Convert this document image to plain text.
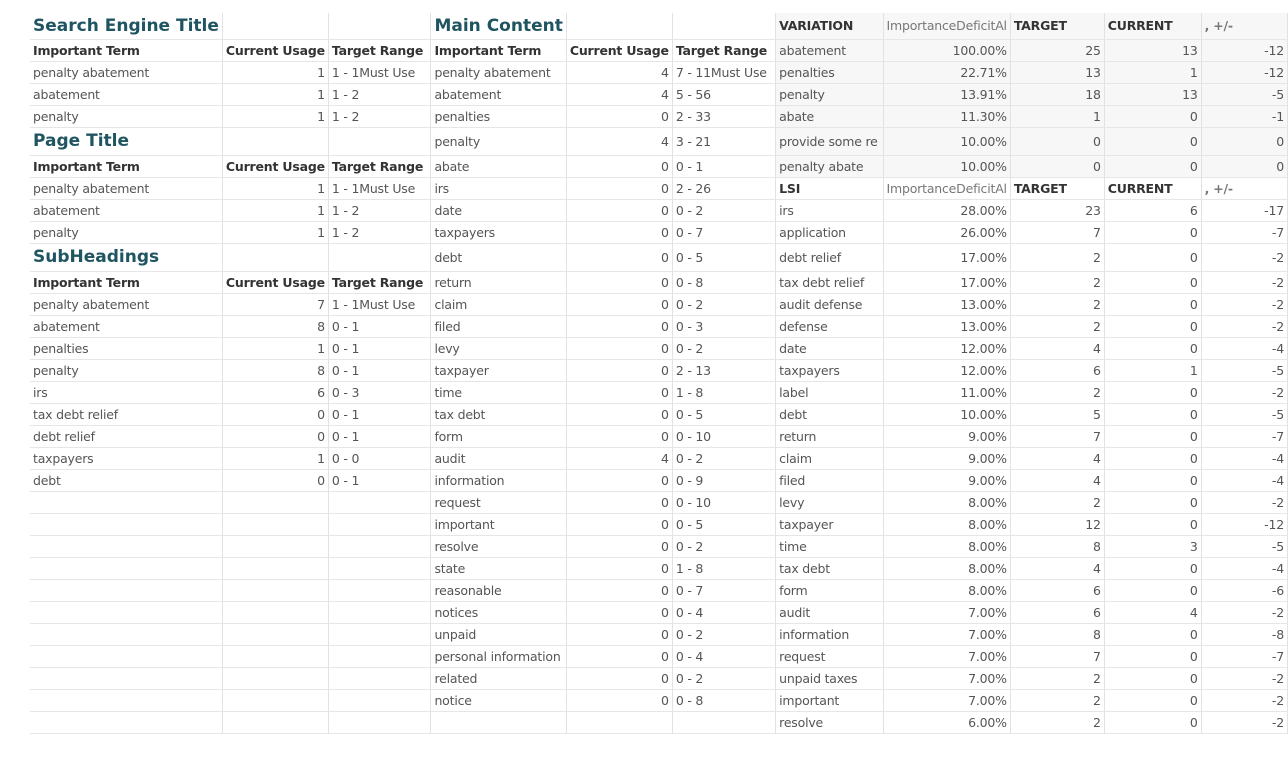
Search Engine Title			Main Content			VARIATION	ImportanceDeficitAl	TARGET	CURRENT	, +/-
Important Term	Current Usage	Target Range	Important Term	Current Usage	Target Range	abatement	100.00%	25	13	-12
penalty abatement	1	1 - 1Must Use	penalty abatement	4	7 - 11Must Use	penalties	22.71%	13	1	-12
abatement	1	1 - 2	abatement	4	5 - 56	penalty	13.91%	18	13	-5
penalty	1	1 - 2	penalties	0	2 - 33	abate	11.30%	1	0	-1
Page Title			penalty	4	3 - 21	provide some re	10.00%	0	0	0
Important Term	Current Usage	Target Range	abate	0	0 - 1	penalty abate	10.00%	0	0	0
penalty abatement	1	1 - 1Must Use	irs	0	2 - 26	LSI	ImportanceDeficitAl	TARGET	CURRENT	, +/-
abatement	1	1 - 2	date	0	0 - 2	irs	28.00%	23	6	-17
penalty	1	1 - 2	taxpayers	0	0 - 7	application	26.00%	7	0	-7
SubHeadings			debt	0	0 - 5	debt relief	17.00%	2	0	-2
Important Term	Current Usage	Target Range	return	0	0 - 8	tax debt relief	17.00%	2	0	-2
penalty abatement	7	1 - 1Must Use	claim	0	0 - 2	audit defense	13.00%	2	0	-2
abatement	8	0 - 1	filed	0	0 - 3	defense	13.00%	2	0	-2
penalties	1	0 - 1	levy	0	0 - 2	date	12.00%	4	0	-4
penalty	8	0 - 1	taxpayer	0	2 - 13	taxpayers	12.00%	6	1	-5
irs	6	0 - 3	time	0	1 - 8	label	11.00%	2	0	-2
tax debt relief	0	0 - 1	tax debt	0	0 - 5	debt	10.00%	5	0	-5
debt relief	0	0 - 1	form	0	0 - 10	return	9.00%	7	0	-7
taxpayers	1	0 - 0	audit	4	0 - 2	claim	9.00%	4	0	-4
debt	0	0 - 1	information	0	0 - 9	filed	9.00%	4	0	-4
			request	0	0 - 10	levy	8.00%	2	0	-2
			important	0	0 - 5	taxpayer	8.00%	12	0	-12
			resolve	0	0 - 2	time	8.00%	8	3	-5
			state	0	1 - 8	tax debt	8.00%	4	0	-4
			reasonable	0	0 - 7	form	8.00%	6	0	-6
			notices	0	0 - 4	audit	7.00%	6	4	-2
			unpaid	0	0 - 2	information	7.00%	8	0	-8
			personal information	0	0 - 4	request	7.00%	7	0	-7
			related	0	0 - 2	unpaid taxes	7.00%	2	0	-2
			notice	0	0 - 8	important	7.00%	2	0	-2
						resolve	6.00%	2	0	-2
